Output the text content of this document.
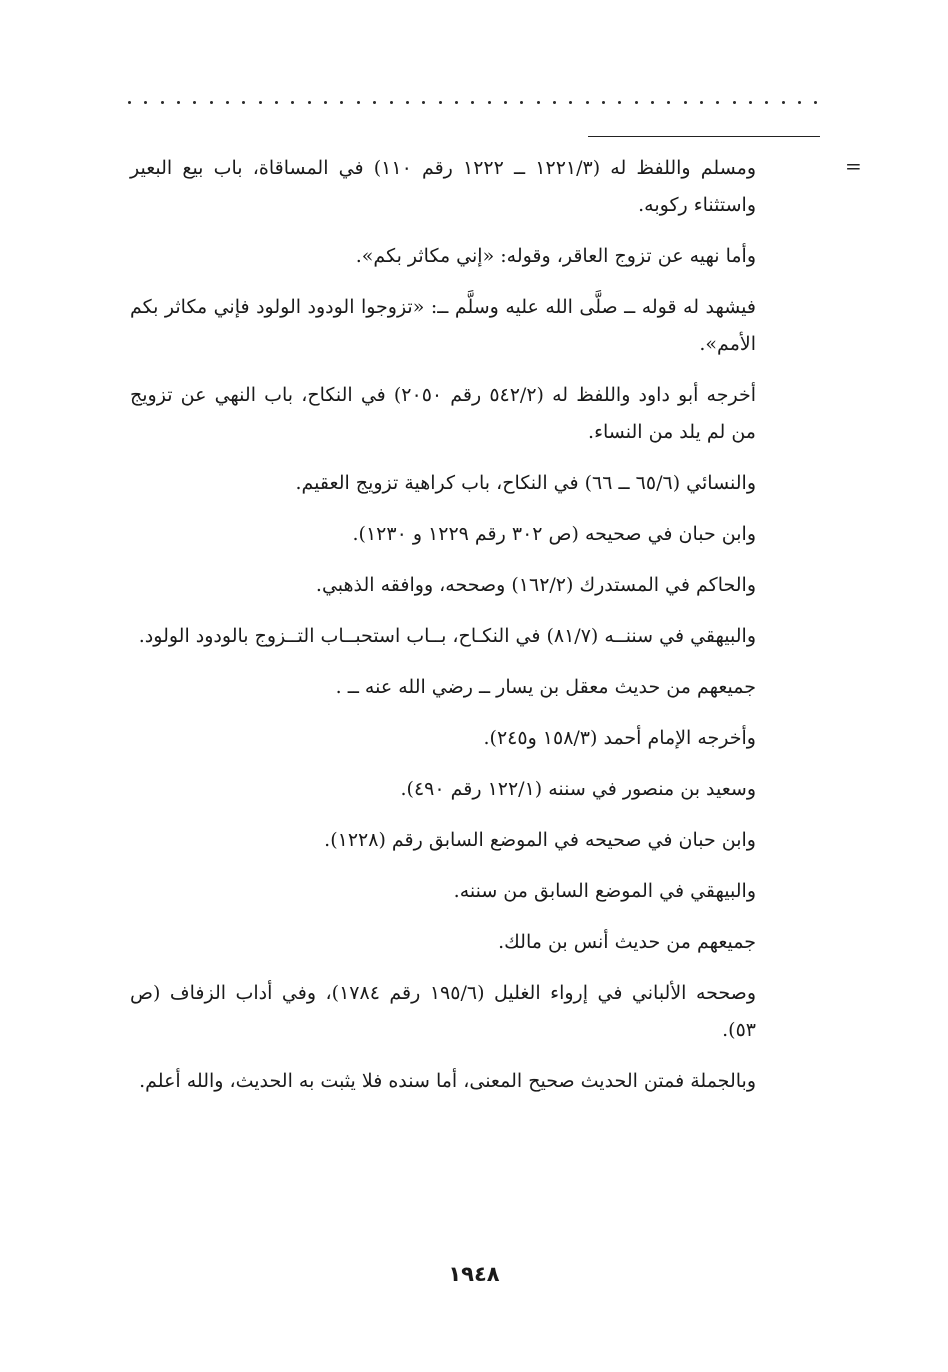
=

ومسلم واللفظ له (١٢٢١/٣ ــ ١٢٢٢ رقم ١١٠) في المساقاة، باب بيع البعير واستثناء ركوبه.

وأما نهيه عن تزوج العاقر، وقوله: «إني مكاثر بكم».

فيشهد له قوله ــ صلَّى الله عليه وسلَّم ــ: «تزوجوا الودود الولود فإني مكاثر بكم الأمم».

أخرجه أبو داود واللفظ له (٥٤٢/٢ رقم ٢٠٥٠) في النكاح، باب النهي عن تزويج من لم يلد من النساء.

والنسائي (٦٥/٦ ــ ٦٦) في النكاح، باب كراهية تزويج العقيم.

وابن حبان في صحيحه (ص ٣٠٢ رقم ١٢٢٩ و ١٢٣٠).

والحاكم في المستدرك (١٦٢/٢) وصححه، ووافقه الذهبي.

والبيهقي في سننــه (٨١/٧) في النكـاح، بــاب استحبــاب التــزوج بالودود الولود.

جميعهم من حديث معقل بن يسار ــ رضي الله عنه ــ .

وأخرجه الإمام أحمد (١٥٨/٣ و٢٤٥).

وسعيد بن منصور في سننه (١٢٢/١ رقم ٤٩٠).

وابن حبان في صحيحه في الموضع السابق رقم (١٢٢٨).

والبيهقي في الموضع السابق من سننه.

جميعهم من حديث أنس بن مالك.

وصححه الألباني في إرواء الغليل (١٩٥/٦ رقم ١٧٨٤)، وفي أداب الزفاف (ص ٥٣).

وبالجملة فمتن الحديث صحيح المعنى، أما سنده فلا يثبت به الحديث، والله أعلم.

١٩٤٨
